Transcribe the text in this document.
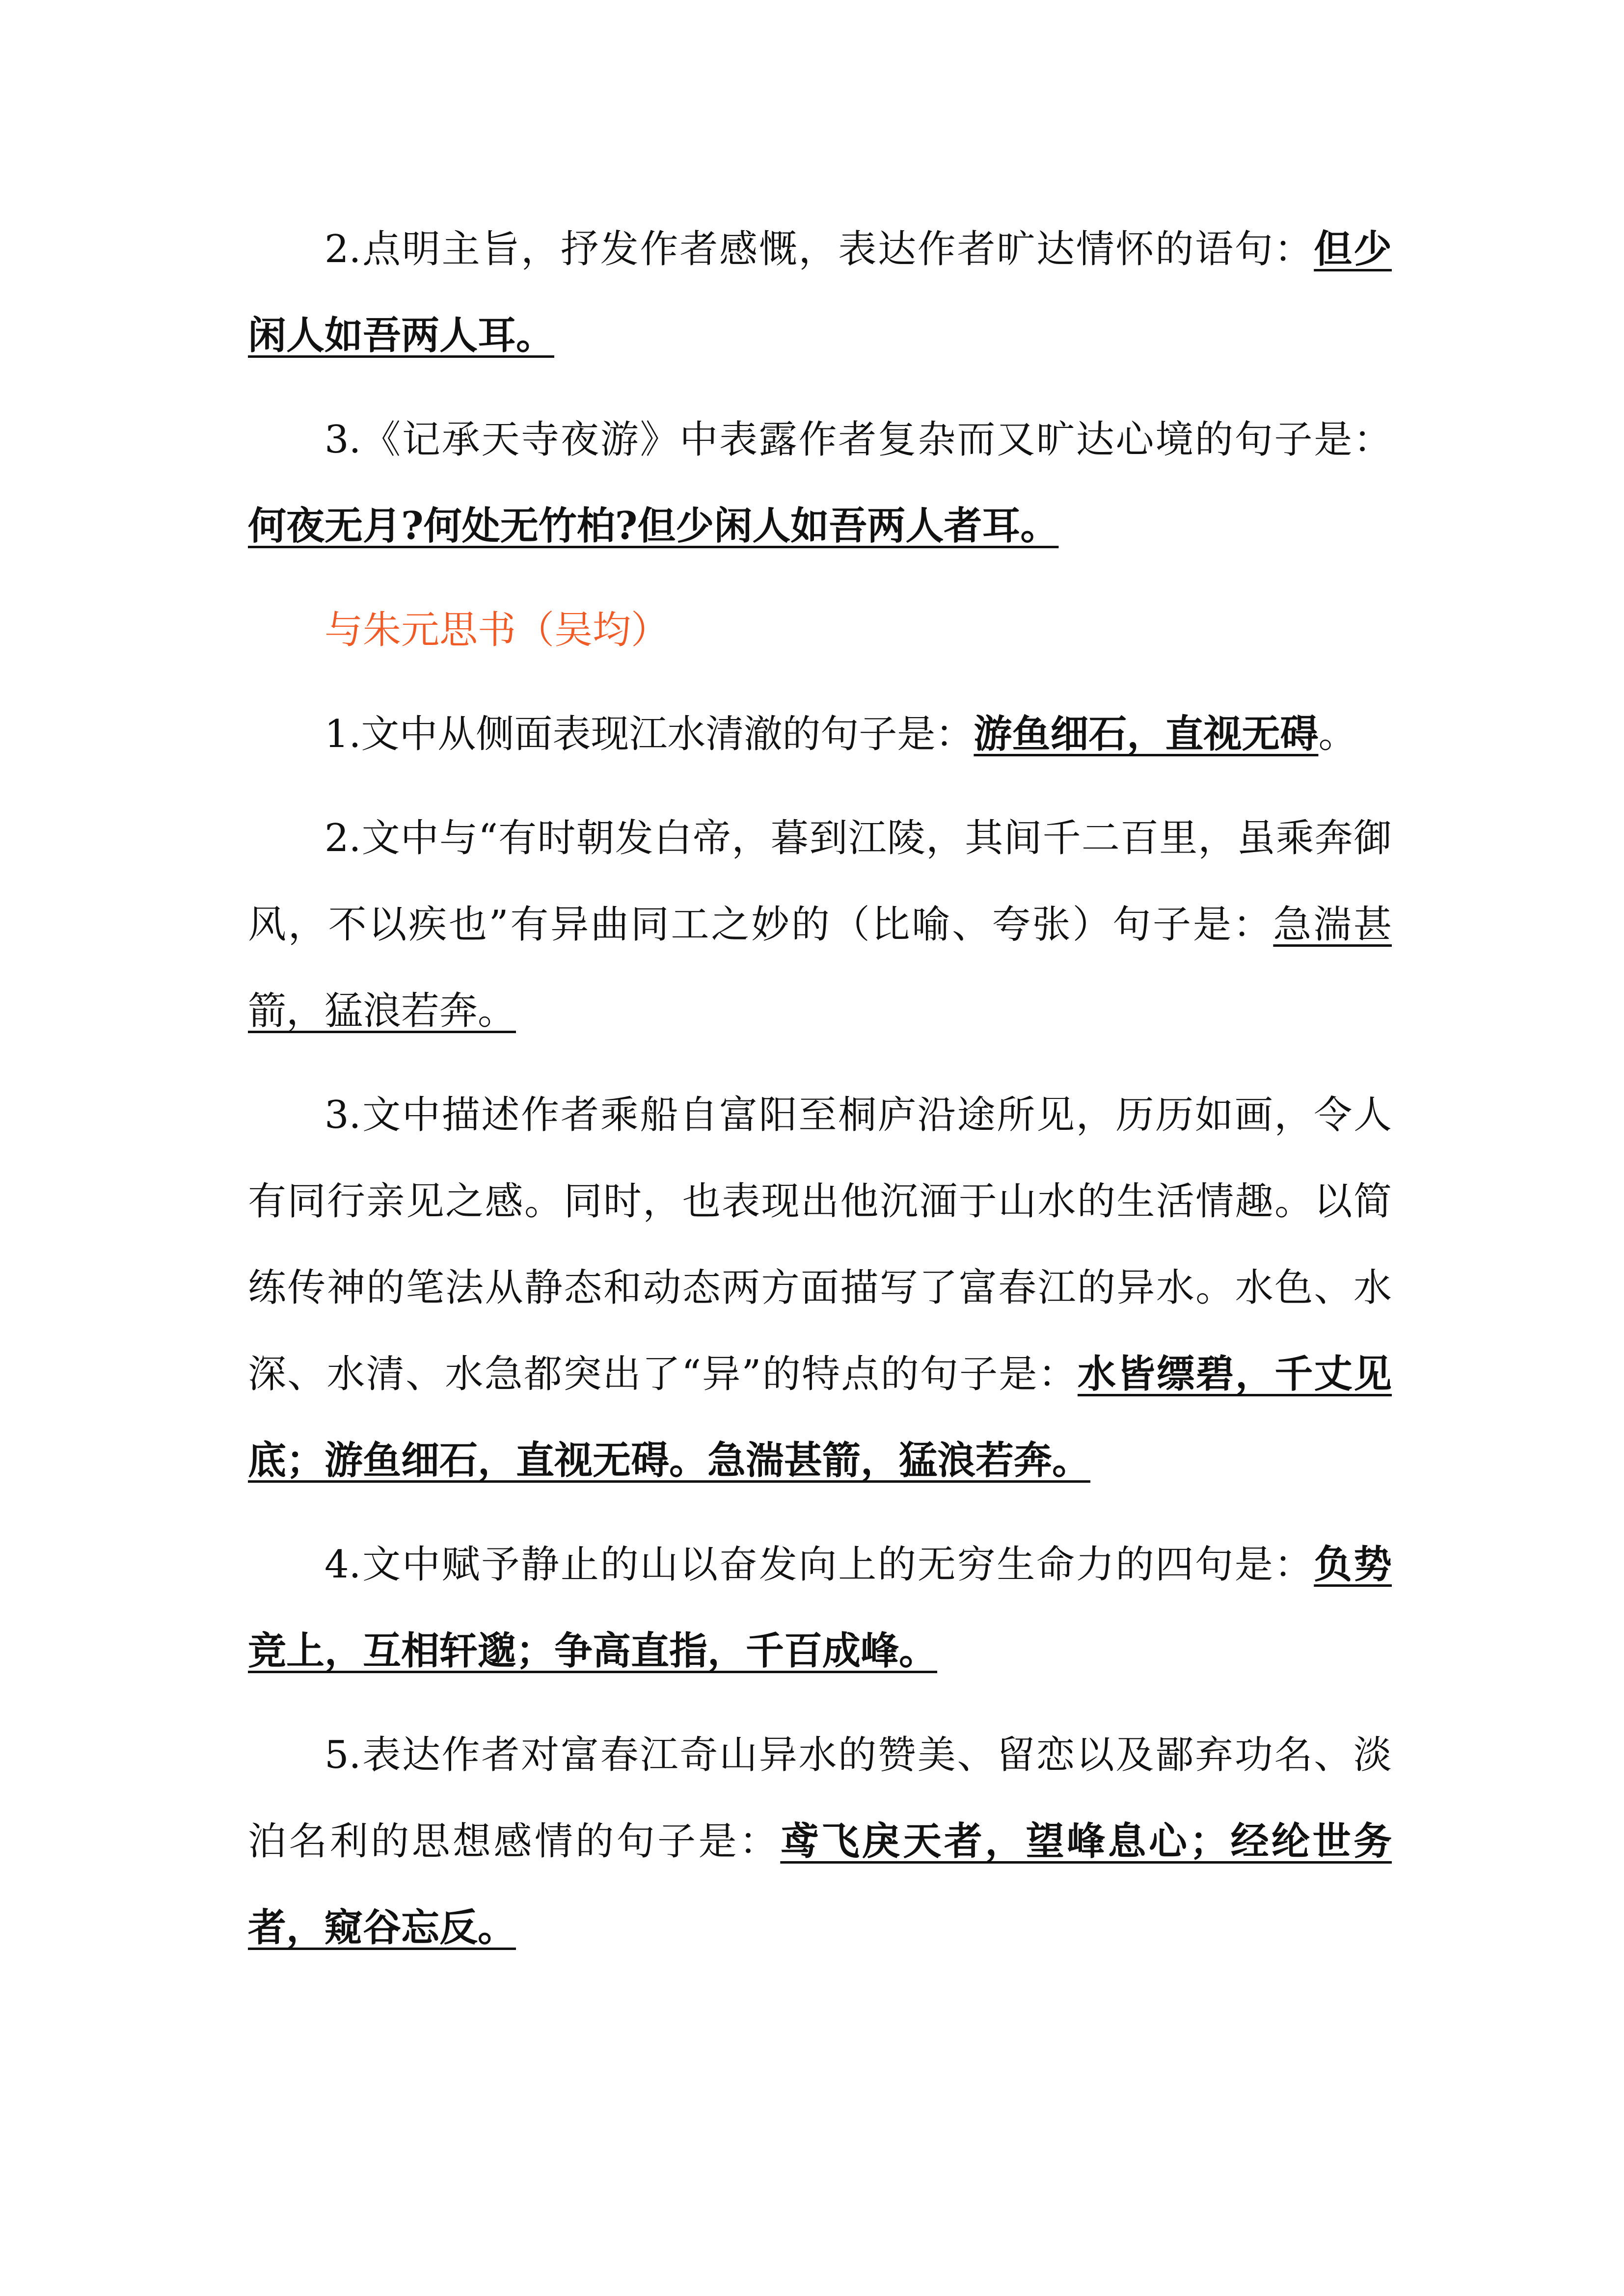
2.点明主旨，抒发作者感慨，表达作者旷达情怀的语句：但少闲人如吾两人耳。

3.《记承天寺夜游》中表露作者复杂而又旷达心境的句子是：何夜无月?何处无竹柏?但少闲人如吾两人者耳。

与朱元思书（吴均）

1.文中从侧面表现江水清澈的句子是：游鱼细石，直视无碍。

2.文中与“有时朝发白帝，暮到江陵，其间千二百里，虽乘奔御风，不以疾也”有异曲同工之妙的（比喻、夸张）句子是：急湍甚箭，猛浪若奔。

3.文中描述作者乘船自富阳至桐庐沿途所见，历历如画，令人有同行亲见之感。同时，也表现出他沉湎于山水的生活情趣。以简练传神的笔法从静态和动态两方面描写了富春江的异水。水色、水深、水清、水急都突出了“异”的特点的句子是：水皆缥碧，千丈见底；游鱼细石，直视无碍。急湍甚箭，猛浪若奔。

4.文中赋予静止的山以奋发向上的无穷生命力的四句是：负势竞上，互相轩邈；争高直指，千百成峰。

5.表达作者对富春江奇山异水的赞美、留恋以及鄙弃功名、淡泊名利的思想感情的句子是：鸢飞戾天者，望峰息心；经纶世务者，窥谷忘反。
